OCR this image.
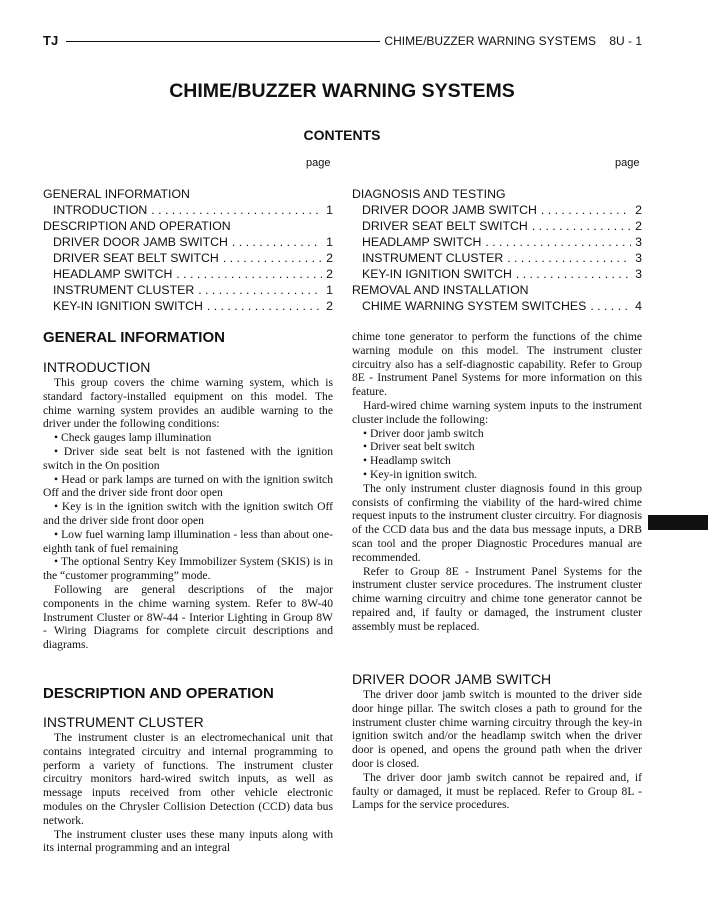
TJ	CHIME/BUZZER WARNING SYSTEMS    8U - 1
CHIME/BUZZER WARNING SYSTEMS
CONTENTS
page	page
GENERAL INFORMATION
INTRODUCTION . . .	1
DESCRIPTION AND OPERATION
DRIVER DOOR JAMB SWITCH . . .	1
DRIVER SEAT BELT SWITCH . . .	2
HEADLAMP SWITCH . . .	2
INSTRUMENT CLUSTER . . .	1
KEY-IN IGNITION SWITCH . . .	2
DIAGNOSIS AND TESTING
DRIVER DOOR JAMB SWITCH . . .	2
DRIVER SEAT BELT SWITCH . . .	2
HEADLAMP SWITCH . . .	3
INSTRUMENT CLUSTER . . .	3
KEY-IN IGNITION SWITCH . . .	3
REMOVAL AND INSTALLATION
CHIME WARNING SYSTEM SWITCHES . . .	4
GENERAL INFORMATION
INTRODUCTION

This group covers the chime warning system, which is standard factory-installed equipment on this model. The chime warning system provides an audible warning to the driver under the following conditions:

• Check gauges lamp illumination

• Driver side seat belt is not fastened with the ignition switch in the On position

• Head or park lamps are turned on with the ignition switch Off and the driver side front door open

• Key is in the ignition switch with the ignition switch Off and the driver side front door open

• Low fuel warning lamp illumination - less than about one-eighth tank of fuel remaining

• The optional Sentry Key Immobilizer System (SKIS) is in the “customer programming” mode.

Following are general descriptions of the major components in the chime warning system. Refer to 8W-40 Instrument Cluster or 8W-44 - Interior Lighting in Group 8W - Wiring Diagrams for complete circuit descriptions and diagrams.

DESCRIPTION AND OPERATION
INSTRUMENT CLUSTER

The instrument cluster is an electromechanical unit that contains integrated circuitry and internal programming to perform a variety of functions. The instrument cluster circuitry monitors hard-wired switch inputs, as well as message inputs received from other vehicle electronic modules on the Chrysler Collision Detection (CCD) data bus network.

The instrument cluster uses these many inputs along with its internal programming and an integral

chime tone generator to perform the functions of the chime warning module on this model. The instrument cluster circuitry also has a self-diagnostic capability. Refer to Group 8E - Instrument Panel Systems for more information on this feature.

Hard-wired chime warning system inputs to the instrument cluster include the following:

• Driver door jamb switch

• Driver seat belt switch

• Headlamp switch

• Key-in ignition switch.

The only instrument cluster diagnosis found in this group consists of confirming the viability of the hard-wired chime request inputs to the instrument cluster circuitry. For diagnosis of the CCD data bus and the data bus message inputs, a DRB scan tool and the proper Diagnostic Procedures manual are recommended.

Refer to Group 8E - Instrument Panel Systems for the instrument cluster service procedures. The instrument cluster chime warning circuitry and chime tone generator cannot be repaired and, if faulty or damaged, the instrument cluster assembly must be replaced.

DRIVER DOOR JAMB SWITCH

The driver door jamb switch is mounted to the driver side door hinge pillar. The switch closes a path to ground for the instrument cluster chime warning circuitry through the key-in ignition switch and/or the headlamp switch when the driver door is opened, and opens the ground path when the driver door is closed.

The driver door jamb switch cannot be repaired and, if faulty or damaged, it must be replaced. Refer to Group 8L - Lamps for the service procedures.
